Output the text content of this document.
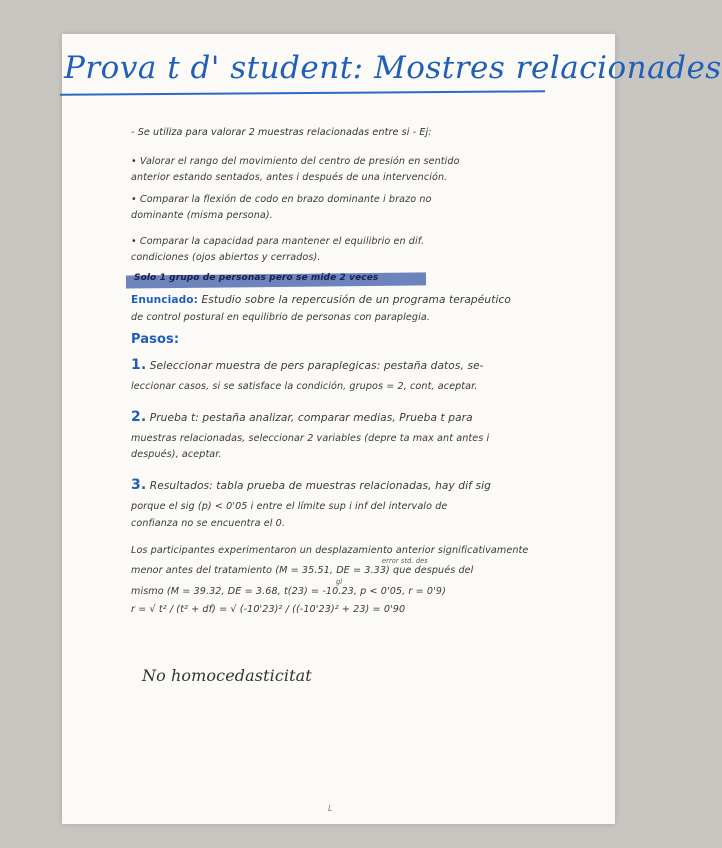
Prova t d' student: Mostres relacionades
- Se utiliza para valorar 2 muestras relacionadas entre si - Ej:
• Valorar el rango del movimiento del centro de presión en sentido
anterior estando sentados, antes i después de una intervención.
• Comparar la flexión de codo en brazo dominante i brazo no
dominante (misma persona).
• Comparar la capacidad para mantener el equilibrio en dif.
condiciones (ojos abiertos y cerrados).
Solo 1 grupo de personas pero se mide 2 veces
Enunciado: Estudio sobre la repercusión de un programa terapéutico
de control postural en equilibrio de personas con paraplegia.
Pasos:
1. Seleccionar muestra de pers paraplegicas: pestaña datos, se-
leccionar casos, si se satisface la condición, grupos = 2, cont, aceptar.
2. Prueba t: pestaña analizar, comparar medias, Prueba t para
muestras relacionadas, seleccionar 2 variables (depre ta max ant antes i
después), aceptar.
3. Resultados: tabla prueba de muestras relacionadas, hay dif sig
porque el sig (p) < 0'05 i entre el límite sup i inf del intervalo de
confianza no se encuentra el 0.
Los participantes experimentaron un desplazamiento anterior significativamente
error std. des
menor antes del tratamiento (M = 35.51, DE = 3.33) que después del
gl
mismo (M = 39.32, DE = 3.68, t(23) = -10.23, p < 0'05, r = 0'9)
r = √ t² / (t² + df) = √ (-10'23)² / ((-10'23)² + 23) = 0'90
No homocedasticitat
L
